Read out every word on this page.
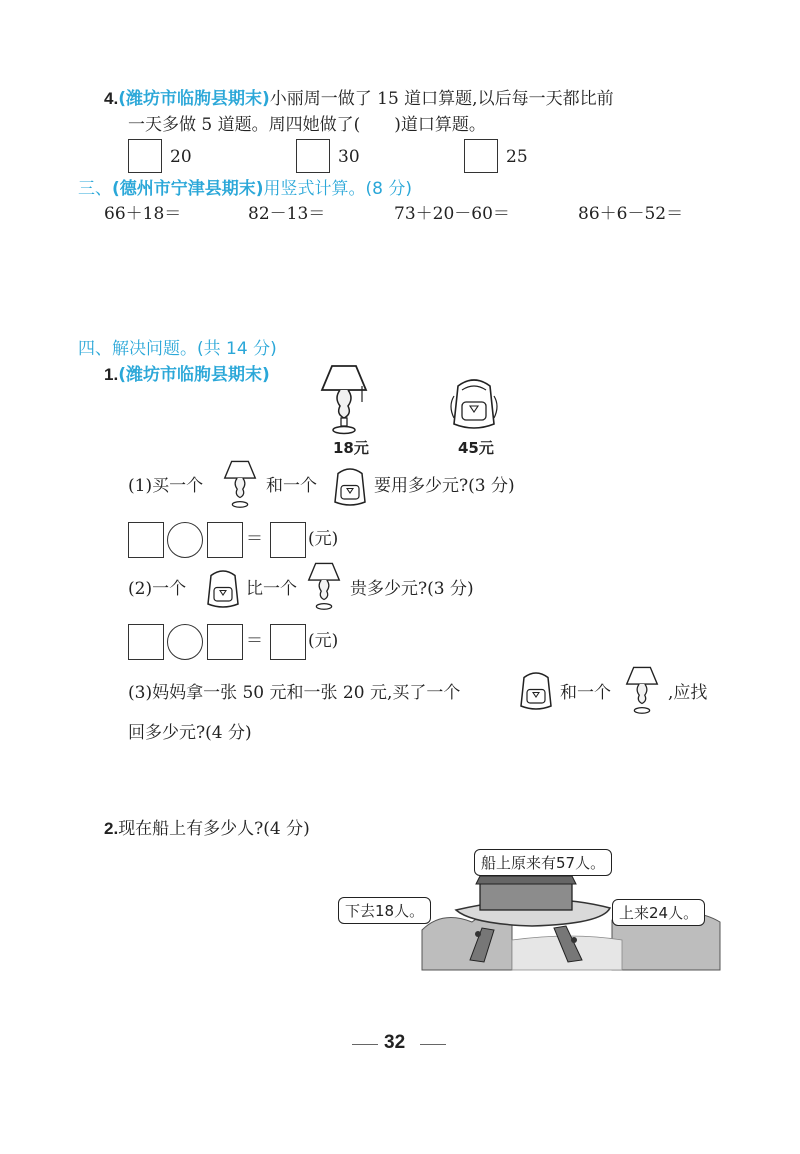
4.(潍坊市临朐县期末)小丽周一做了 15 道口算题,以后每一天都比前
一天多做 5 道题。周四她做了(　　)道口算题。
20	30	25
三、(德州市宁津县期末)用竖式计算。(8 分)
66＋18＝	82－13＝	73＋20－60＝	86＋6－52＝
四、解决问题。(共 14 分)
1.(潍坊市临朐县期末)
18元	45元
(1)买一个	和一个	要用多少元?(3 分)
＝	(元)
(2)一个	比一个	贵多少元?(3 分)
＝	(元)
(3)妈妈拿一张 50 元和一张 20 元,买了一个	和一个	,应找
回多少元?(4 分)
2.现在船上有多少人?(4 分)
船上原来有57人。
下去18人。	上来24人。
32
